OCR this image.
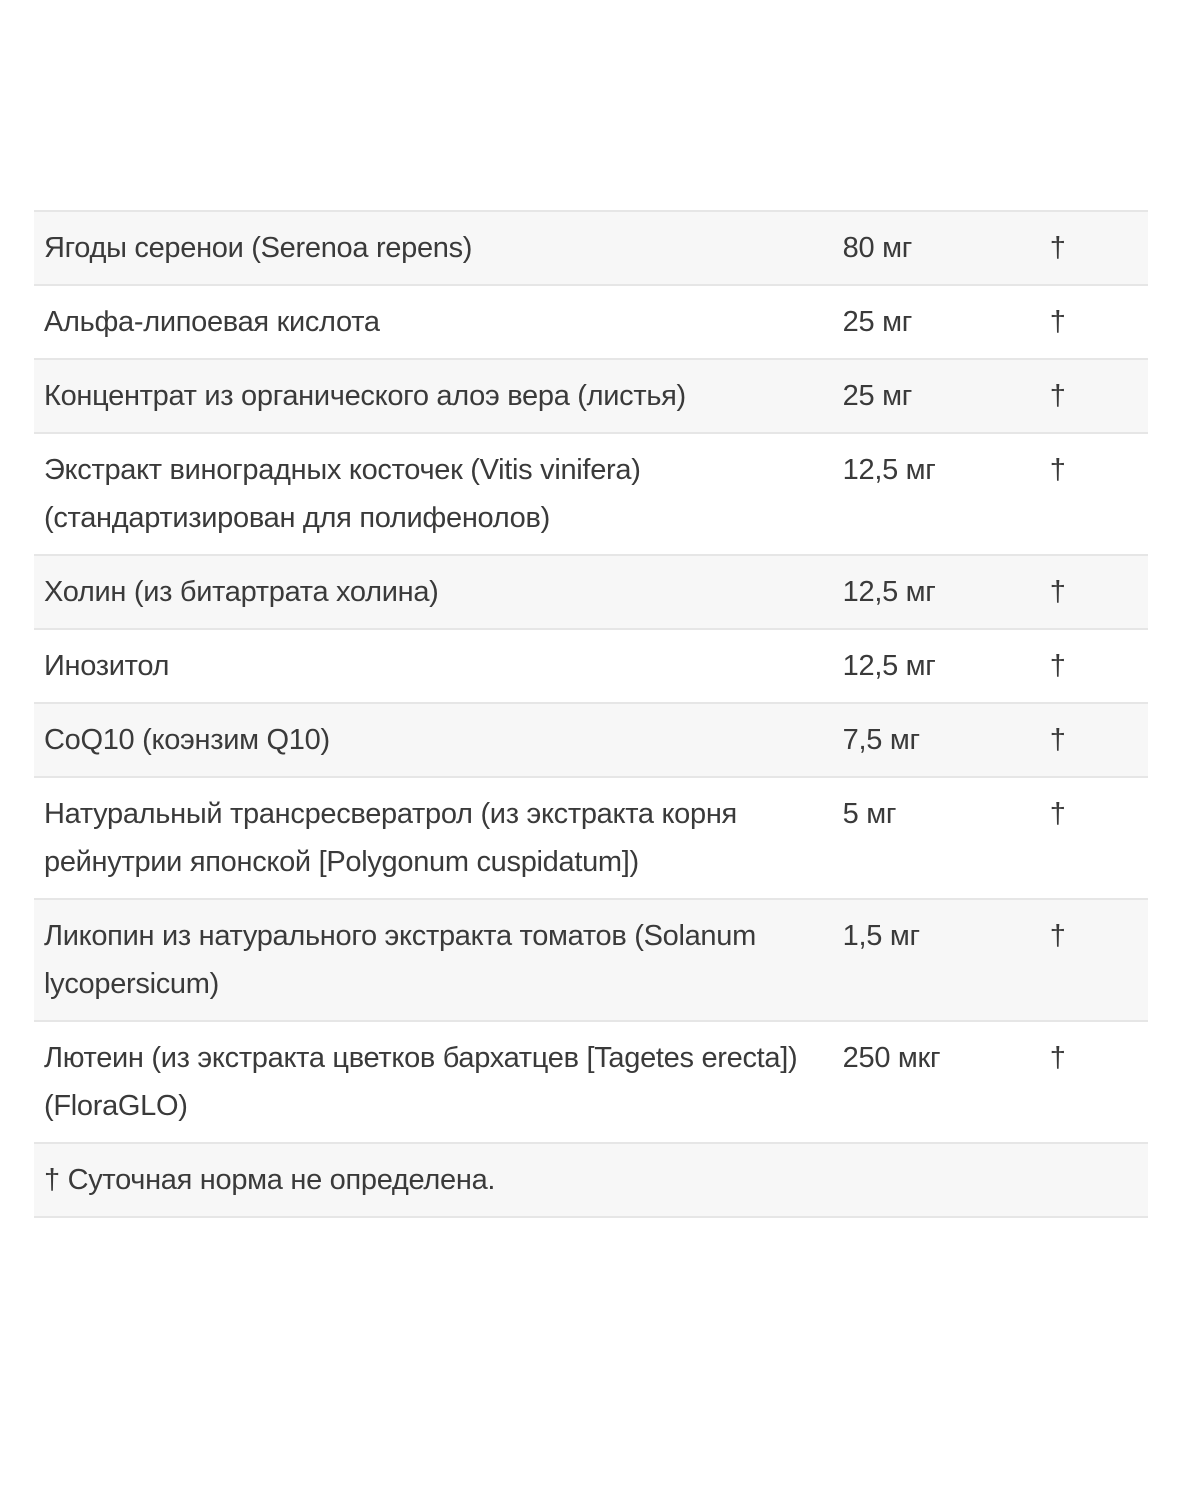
Ягоды серенои (Serenoa repens)	80 мг	†
Альфа-липоевая кислота	25 мг	†
Концентрат из органического алоэ вера (листья)	25 мг	†
Экстракт виноградных косточек (Vitis vinifera) (стандартизирован для полифенолов)	12,5 мг	†
Холин (из битартрата холина)	12,5 мг	†
Инозитол	12,5 мг	†
CoQ10 (коэнзим Q10)	7,5 мг	†
Натуральный трансресвератрол (из экстракта корня рейнутрии японской [Polygonum cuspidatum])	5 мг	†
Ликопин из натурального экстракта томатов (Solanum lycopersicum)	1,5 мг	†
Лютеин (из экстракта цветков бархатцев [Tagetes erecta]) (FloraGLO)	250 мкг	†
† Суточная норма не определена.		
